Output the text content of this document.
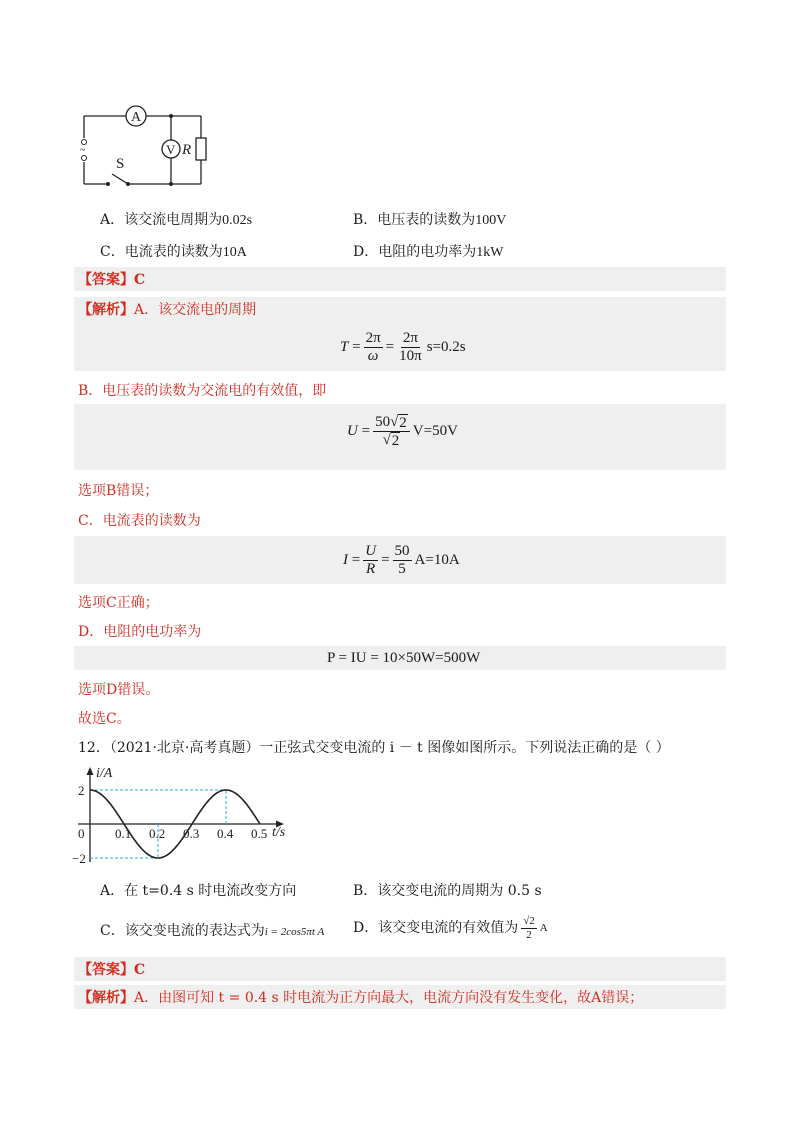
~
A
V R
S
A．该交流电周期为0.02s	B．电压表的读数为100V
C．电流表的读数为10A	D．电阻的电功率为1kW
【答案】C
【解析】A．该交流电的周期
$T = \frac{2\pi}{\omega} = \frac{2\pi}{10\pi} s=0.2s$
B．电压表的读数为交流电的有效值，即
$U = \frac{50 √ 2}{√ 2} V=50V$
选项B错误；
C．电流表的读数为
$I = \frac{U}{R} = \frac{50}{5} A=10A$
选项C正确；
D．电阻的电功率为
P = IU = 10×50W=500W
选项D错误。
故选C。
12．（2021·北京·高考真题）一正弦式交变电流的 i － t 图像如图所示。下列说法正确的是（ ）
i/A
t/s
0 0.1 0.2 0.3 0.4 0.5
2
−2
A．在 t=0.4 s 时电流改变方向	B．该交变电流的周期为 0.5 s
C．该交变电流的表达式为i = 2cos5πt A D．该交变电流的有效值为 $\frac{√2}{2}$ A
【答案】C
【解析】A．由图可知 t = 0.4 s 时电流为正方向最大，电流方向没有发生变化，故A错误；
